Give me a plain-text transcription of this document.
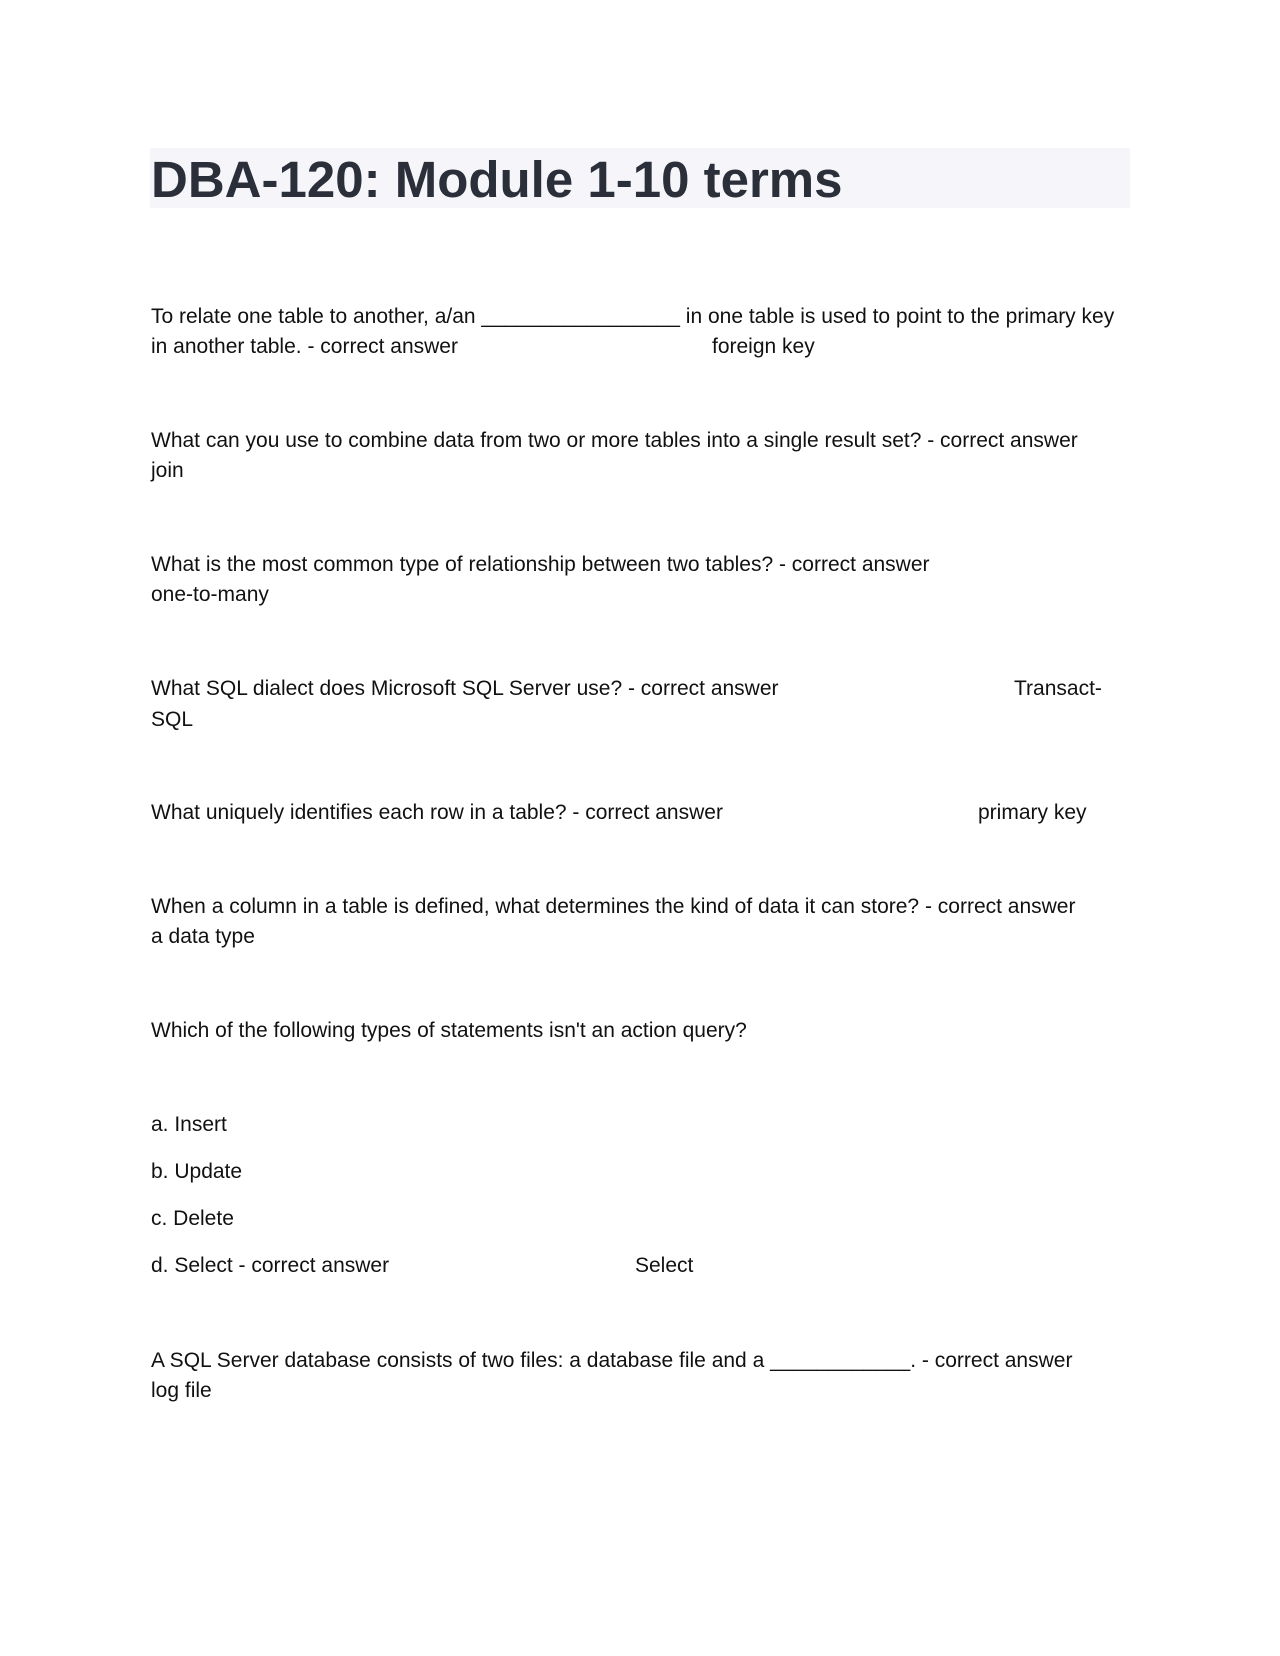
DBA-120: Module 1-10 terms
To relate one table to another, a/an _________________ in one table is used to point to the primary key
in another table. - correct answer	foreign key
What can you use to combine data from two or more tables into a single result set? - correct answer
join
What is the most common type of relationship between two tables? - correct answer
one-to-many
What SQL dialect does Microsoft SQL Server use? - correct answer	Transact-
SQL
What uniquely identifies each row in a table? - correct answer	primary key
When a column in a table is defined, what determines the kind of data it can store? - correct answer
a data type
Which of the following types of statements isn't an action query?
a. Insert
b. Update
c. Delete
d. Select - correct answer	Select
A SQL Server database consists of two files: a database file and a ____________. - correct answer
log file
